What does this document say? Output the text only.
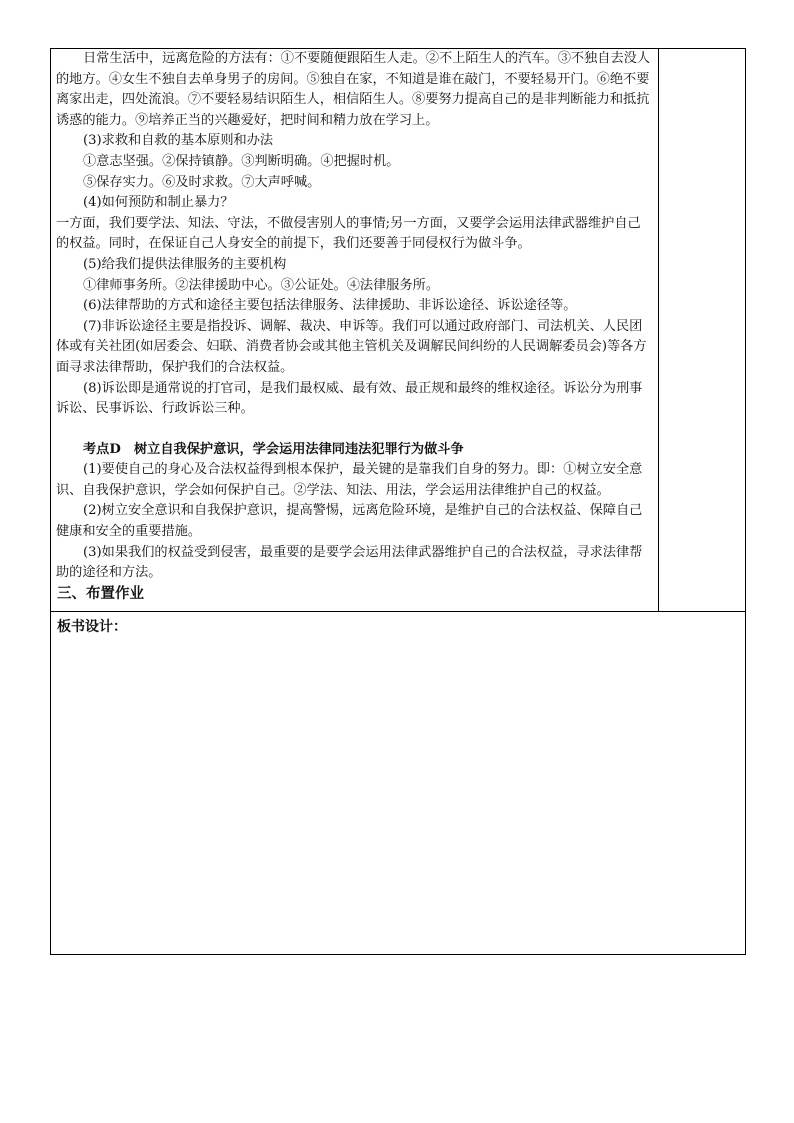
日常生活中，远离危险的方法有：①不要随便跟陌生人走。②不上陌生人的汽车。③不独自去没人的地方。④女生不独自去单身男子的房间。⑤独自在家，不知道是谁在敲门，不要轻易开门。⑥绝不要离家出走，四处流浪。⑦不要轻易结识陌生人，相信陌生人。⑧要努力提高自己的是非判断能力和抵抗诱惑的能力。⑨培养正当的兴趣爱好，把时间和精力放在学习上。

(3)求救和自救的基本原则和办法

①意志坚强。②保持镇静。③判断明确。④把握时机。

⑤保存实力。⑥及时求救。⑦大声呼喊。

(4)如何预防和制止暴力？

一方面，我们要学法、知法、守法，不做侵害别人的事情;另一方面，又要学会运用法律武器维护自己的权益。同时，在保证自己人身安全的前提下，我们还要善于同侵权行为做斗争。

(5)给我们提供法律服务的主要机构

①律师事务所。②法律援助中心。③公证处。④法律服务所。

(6)法律帮助的方式和途径主要包括法律服务、法律援助、非诉讼途径、诉讼途径等。

(7)非诉讼途径主要是指投诉、调解、裁决、申诉等。我们可以通过政府部门、司法机关、人民团体或有关社团(如居委会、妇联、消费者协会或其他主管机关及调解民间纠纷的人民调解委员会)等各方面寻求法律帮助，保护我们的合法权益。

(8)诉讼即是通常说的打官司，是我们最权威、最有效、最正规和最终的维权途径。诉讼分为刑事诉讼、民事诉讼、行政诉讼三种。

考点D　树立自我保护意识，学会运用法律同违法犯罪行为做斗争

(1)要使自己的身心及合法权益得到根本保护，最关键的是靠我们自身的努力。即：①树立安全意识、自我保护意识，学会如何保护自己。②学法、知法、用法，学会运用法律维护自己的权益。

(2)树立安全意识和自我保护意识，提高警惕，远离危险环境，是维护自己的合法权益、保障自己健康和安全的重要措施。

(3)如果我们的权益受到侵害，最重要的是要学会运用法律武器维护自己的合法权益，寻求法律帮助的途径和方法。

三、布置作业

板书设计：
